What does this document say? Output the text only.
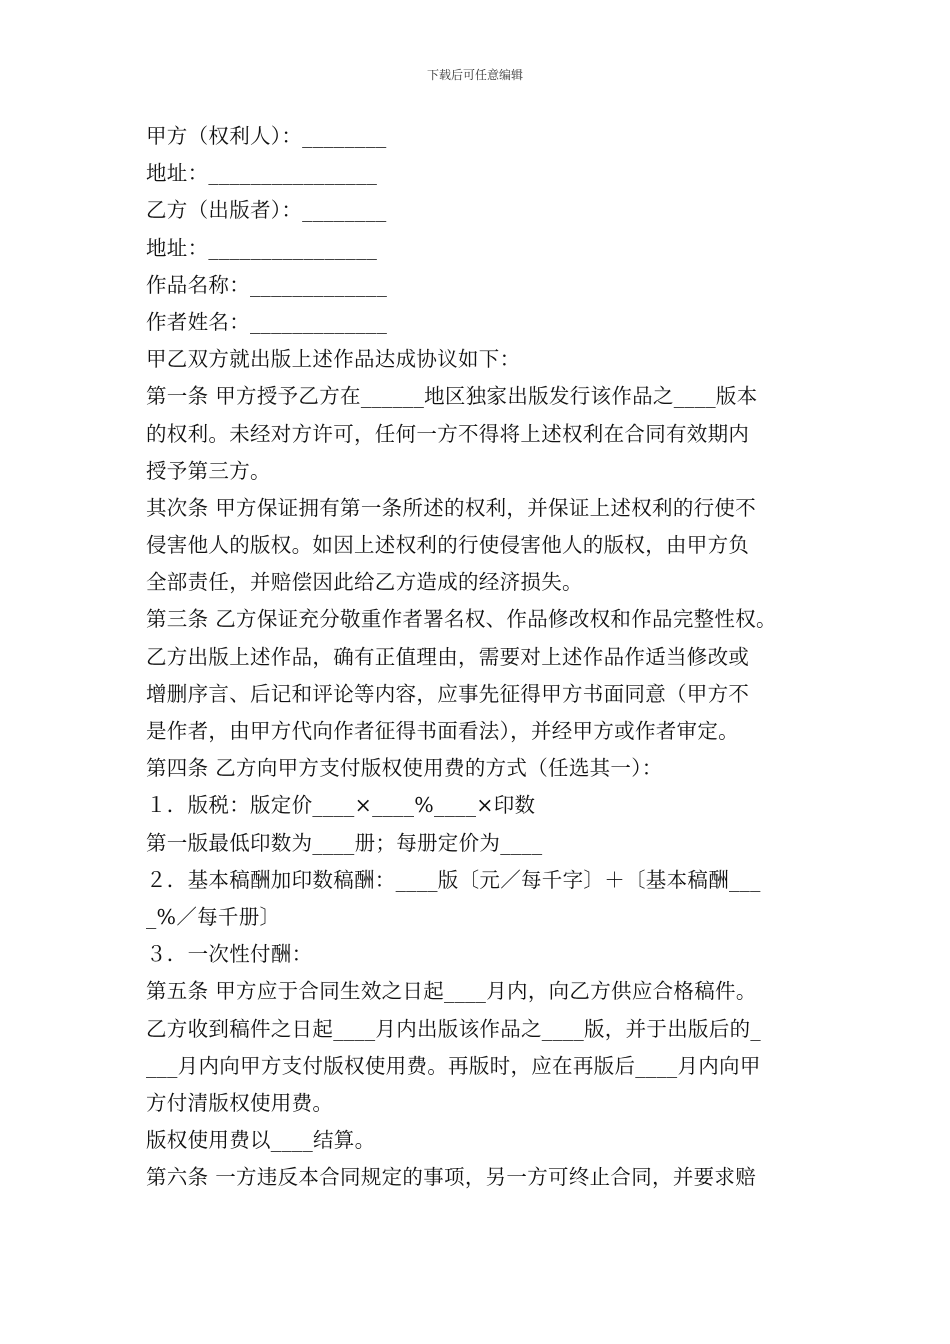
下载后可任意编辑
甲方（权利人）：________
地址：________________
乙方（出版者）：________
地址：________________
作品名称：_____________
作者姓名：_____________
甲乙双方就出版上述作品达成协议如下：
第一条 甲方授予乙方在______地区独家出版发行该作品之____版本
的权利。未经对方许可，任何一方不得将上述权利在合同有效期内
授予第三方。
其次条 甲方保证拥有第一条所述的权利，并保证上述权利的行使不
侵害他人的版权。如因上述权利的行使侵害他人的版权，由甲方负
全部责任，并赔偿因此给乙方造成的经济损失。
第三条 乙方保证充分敬重作者署名权、作品修改权和作品完整性权。
乙方出版上述作品，确有正值理由，需要对上述作品作适当修改或
增删序言、后记和评论等内容，应事先征得甲方书面同意（甲方不
是作者，由甲方代向作者征得书面看法），并经甲方或作者审定。
第四条 乙方向甲方支付版权使用费的方式（任选其一）：
１．版税：版定价____×____%____×印数
第一版最低印数为____册；每册定价为____
２．基本稿酬加印数稿酬：____版〔元／每千字〕＋〔基本稿酬___
_%／每千册〕
３．一次性付酬：
第五条 甲方应于合同生效之日起____月内，向乙方供应合格稿件。
乙方收到稿件之日起____月内出版该作品之____版，并于出版后的_
___月内向甲方支付版权使用费。再版时，应在再版后____月内向甲
方付清版权使用费。
版权使用费以____结算。
第六条 一方违反本合同规定的事项，另一方可终止合同，并要求赔
